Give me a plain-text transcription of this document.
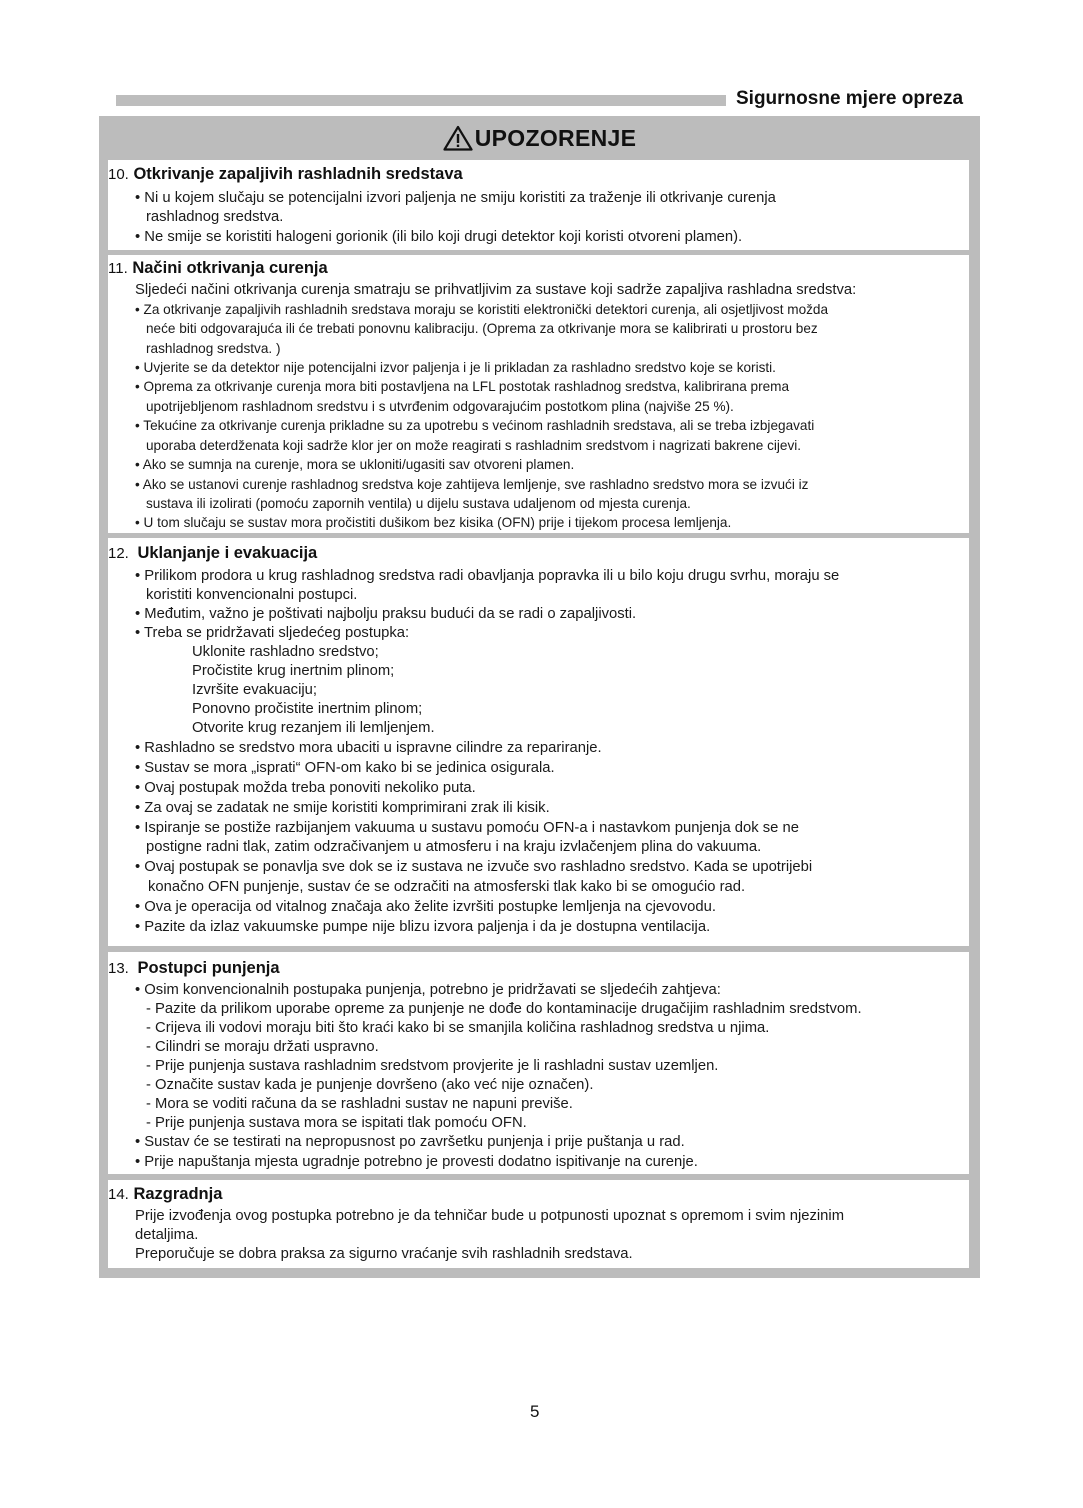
Sigurnosne mjere opreza
UPOZORENJE
10. Otkrivanje zapaljivih rashladnih sredstava
• Ni u kojem slučaju se potencijalni izvori paljenja ne smiju koristiti za traženje ili otkrivanje curenja
rashladnog sredstva.
• Ne smije se koristiti halogeni gorionik (ili bilo koji drugi detektor koji koristi otvoreni plamen).
11. Načini otkrivanja curenja
Sljedeći načini otkrivanja curenja smatraju se prihvatljivim za sustave koji sadrže zapaljiva rashladna sredstva:
• Za otkrivanje zapaljivih rashladnih sredstava moraju se koristiti elektronički detektori curenja, ali osjetljivost možda
neće biti odgovarajuća ili će trebati ponovnu kalibraciju. (Oprema za otkrivanje mora se kalibrirati u prostoru bez
rashladnog sredstva. )
• Uvjerite se da detektor nije potencijalni izvor paljenja i je li prikladan za rashladno sredstvo koje se koristi.
• Oprema za otkrivanje curenja mora biti postavljena na LFL postotak rashladnog sredstva, kalibrirana prema
upotrijebljenom rashladnom sredstvu i s utvrđenim odgovarajućim postotkom plina (najviše 25 %).
• Tekućine za otkrivanje curenja prikladne su za upotrebu s većinom rashladnih sredstava, ali se treba izbjegavati
uporaba deterdženata koji sadrže klor jer on može reagirati s rashladnim sredstvom i nagrizati bakrene cijevi.
• Ako se sumnja na curenje, mora se ukloniti/ugasiti sav otvoreni plamen.
• Ako se ustanovi curenje rashladnog sredstva koje zahtijeva lemljenje, sve rashladno sredstvo mora se izvući iz
sustava ili izolirati (pomoću zapornih ventila) u dijelu sustava udaljenom od mjesta curenja.
• U tom slučaju se sustav mora pročistiti dušikom bez kisika (OFN) prije i tijekom procesa lemljenja.
12. Uklanjanje i evakuacija
• Prilikom prodora u krug rashladnog sredstva radi obavljanja popravka ili u bilo koju drugu svrhu, moraju se
koristiti konvencionalni postupci.
• Međutim, važno je poštivati najbolju praksu budući da se radi o zapaljivosti.
• Treba se pridržavati sljedećeg postupka:
Uklonite rashladno sredstvo;
Pročistite krug inertnim plinom;
Izvršite evakuaciju;
Ponovno pročistite inertnim plinom;
Otvorite krug rezanjem ili lemljenjem.
• Rashladno se sredstvo mora ubaciti u ispravne cilindre za repariranje.
• Sustav se mora „isprati“ OFN-om kako bi se jedinica osigurala.
• Ovaj postupak možda treba ponoviti nekoliko puta.
• Za ovaj se zadatak ne smije koristiti komprimirani zrak ili kisik.
• Ispiranje se postiže razbijanjem vakuuma u sustavu pomoću OFN-a i nastavkom punjenja dok se ne
postigne radni tlak, zatim odzračivanjem u atmosferu i na kraju izvlačenjem plina do vakuuma.
• Ovaj postupak se ponavlja sve dok se iz sustava ne izvuče svo rashladno sredstvo. Kada se upotrijebi
konačno OFN punjenje, sustav će se odzračiti na atmosferski tlak kako bi se omogućio rad.
• Ova je operacija od vitalnog značaja ako želite izvršiti postupke lemljenja na cjevovodu.
• Pazite da izlaz vakuumske pumpe nije blizu izvora paljenja i da je dostupna ventilacija.
13. Postupci punjenja
• Osim konvencionalnih postupaka punjenja, potrebno je pridržavati se sljedećih zahtjeva:
- Pazite da prilikom uporabe opreme za punjenje ne dođe do kontaminacije drugačijim rashladnim sredstvom.
- Crijeva ili vodovi moraju biti što kraći kako bi se smanjila količina rashladnog sredstva u njima.
- Cilindri se moraju držati uspravno.
- Prije punjenja sustava rashladnim sredstvom provjerite je li rashladni sustav uzemljen.
- Označite sustav kada je punjenje dovršeno (ako već nije označen).
- Mora se voditi računa da se rashladni sustav ne napuni previše.
- Prije punjenja sustava mora se ispitati tlak pomoću OFN.
• Sustav će se testirati na nepropusnost po završetku punjenja i prije puštanja u rad.
• Prije napuštanja mjesta ugradnje potrebno je provesti dodatno ispitivanje na curenje.
14. Razgradnja
Prije izvođenja ovog postupka potrebno je da tehničar bude u potpunosti upoznat s opremom i svim njezinim
detaljima.
Preporučuje se dobra praksa za sigurno vraćanje svih rashladnih sredstava.
5
